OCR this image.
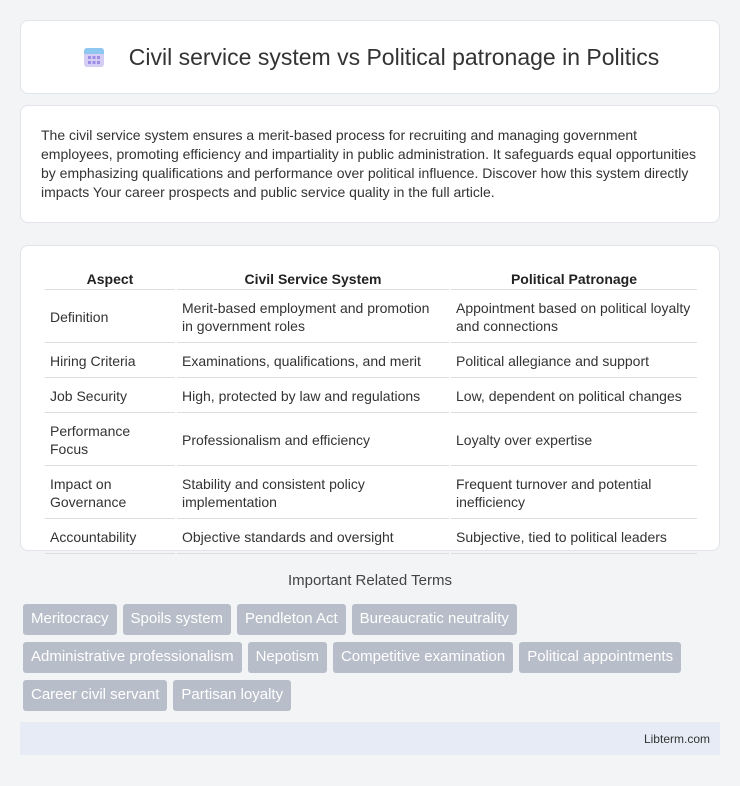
Civil service system vs Political patronage in Politics

The civil service system ensures a merit-based process for recruiting and managing government employees, promoting efficiency and impartiality in public administration. It safeguards equal opportunities by emphasizing qualifications and performance over political influence. Discover how this system directly impacts Your career prospects and public service quality in the full article.

Aspect	Civil Service System	Political Patronage
Definition	Merit-based employment and promotion in government roles	Appointment based on political loyalty and connections
Hiring Criteria	Examinations, qualifications, and merit	Political allegiance and support
Job Security	High, protected by law and regulations	Low, dependent on political changes
Performance Focus	Professionalism and efficiency	Loyalty over expertise
Impact on Governance	Stability and consistent policy implementation	Frequent turnover and potential inefficiency
Accountability	Objective standards and oversight	Subjective, tied to political leaders
Important Related Terms
Meritocracy	Spoils system	Pendleton Act	Bureaucratic neutrality
Administrative professionalism	Nepotism	Competitive examination	Political appointments
Career civil servant	Partisan loyalty
Libterm.com
